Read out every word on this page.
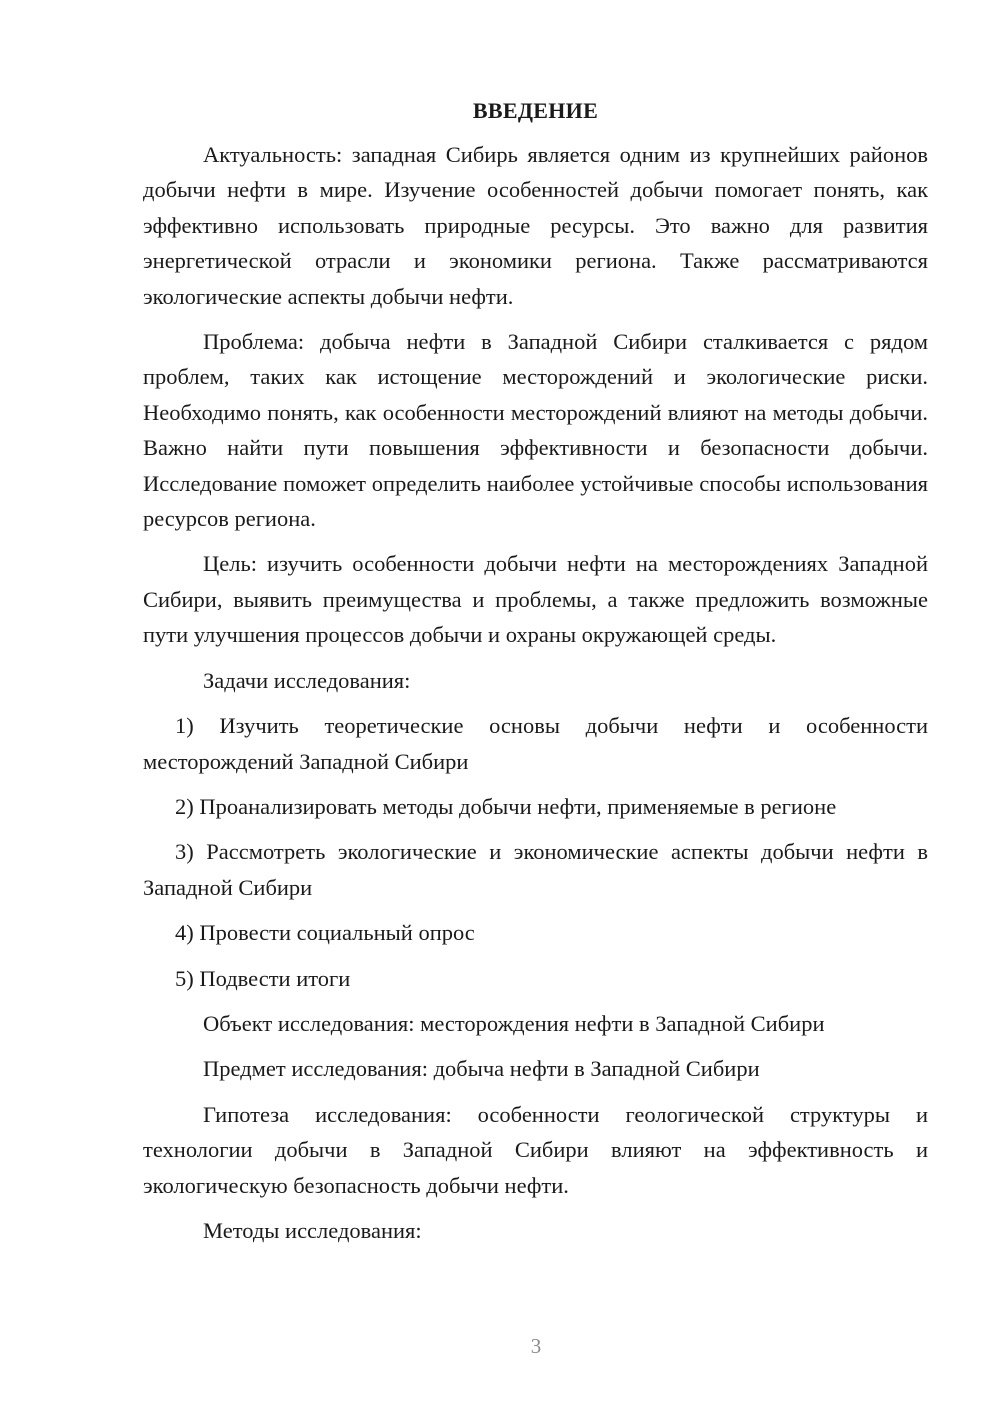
ВВЕДЕНИЕ

Актуальность: западная Сибирь является одним из крупнейших районов добычи нефти в мире. Изучение особенностей добычи помогает понять, как эффективно использовать природные ресурсы. Это важно для развития энергетической отрасли и экономики региона. Также рассматриваются экологические аспекты добычи нефти.

Проблема: добыча нефти в Западной Сибири сталкивается с рядом проблем, таких как истощение месторождений и экологические риски. Необходимо понять, как особенности месторождений влияют на методы добычи. Важно найти пути повышения эффективности и безопасности добычи. Исследование поможет определить наиболее устойчивые способы использования ресурсов региона.

Цель: изучить особенности добычи нефти на месторождениях Западной Сибири, выявить преимущества и проблемы, а также предложить возможные пути улучшения процессов добычи и охраны окружающей среды.

Задачи исследования:

1) Изучить теоретические основы добычи нефти и особенности месторождений Западной Сибири

2) Проанализировать методы добычи нефти, применяемые в регионе

3) Рассмотреть экологические и экономические аспекты добычи нефти в Западной Сибири

4) Провести социальный опрос

5) Подвести итоги

Объект исследования: месторождения нефти в Западной Сибири

Предмет исследования: добыча нефти в Западной Сибири

Гипотеза исследования: особенности геологической структуры и технологии добычи в Западной Сибири влияют на эффективность и экологическую безопасность добычи нефти.

Методы исследования:

3
